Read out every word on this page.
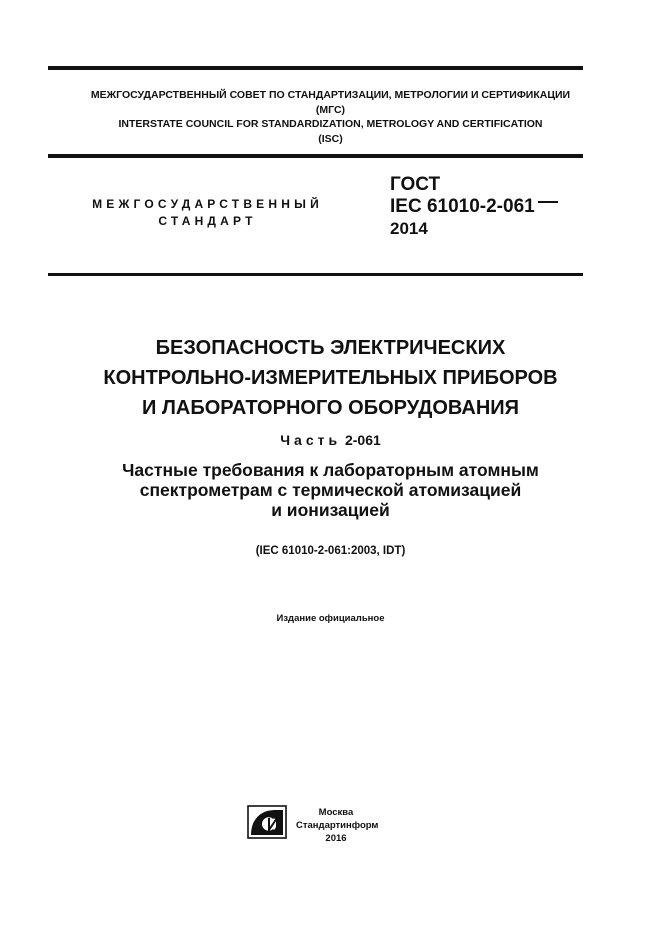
МЕЖГОСУДАРСТВЕННЫЙ СОВЕТ ПО СТАНДАРТИЗАЦИИ, МЕТРОЛОГИИ И СЕРТИФИКАЦИИ
(МГС)
INTERSTATE COUNCIL FOR STANDARDIZATION, METROLOGY AND CERTIFICATION
(ISC)
МЕЖГОСУДАРСТВЕННЫЙ
СТАНДАРТ
ГОСТ
IEC 61010-2-061
2014
БЕЗОПАСНОСТЬ ЭЛЕКТРИЧЕСКИХ
КОНТРОЛЬНО-ИЗМЕРИТЕЛЬНЫХ ПРИБОРОВ
И ЛАБОРАТОРНОГО ОБОРУДОВАНИЯ
Часть 2-061
Частные требования к лабораторным атомным
спектрометрам с термической атомизацией
и ионизацией
(IEC 61010-2-061:2003, IDT)
Издание официальное
Москва
Стандартинформ
2016
